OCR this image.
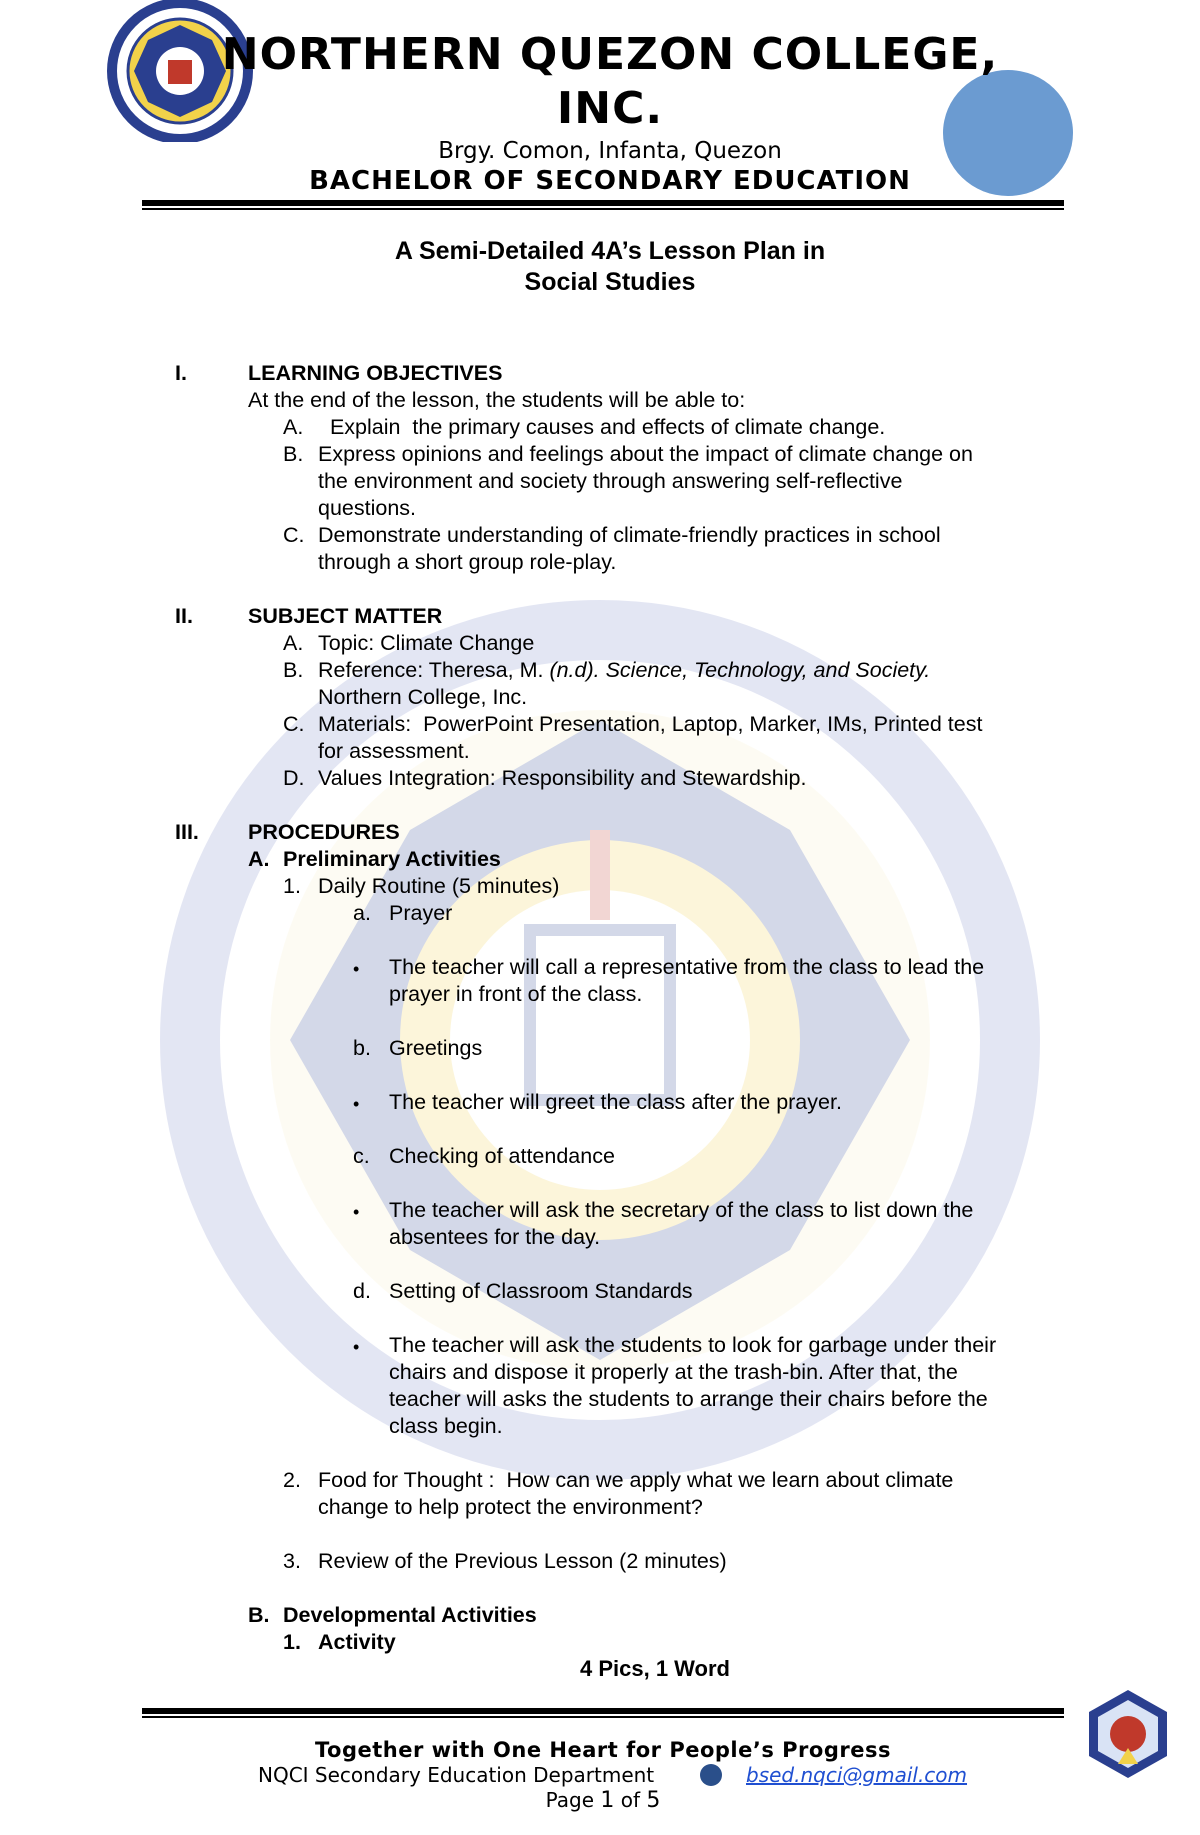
NORTHERN QUEZON COLLEGE,
INC.
Brgy. Comon, Infanta, Quezon
BACHELOR OF SECONDARY EDUCATION
A Semi-Detailed 4A’s Lesson Plan in
Social Studies
I.	LEARNING OBJECTIVES
At the end of the lesson, the students will be able to:
A. Explain  the primary causes and effects of climate change.
B. Express opinions and feelings about the impact of climate change on
the environment and society through answering self-reflective
questions.
C. Demonstrate understanding of climate-friendly practices in school
through a short group role-play.
II.	SUBJECT MATTER
A. Topic: Climate Change
B. Reference: Theresa, M. (n.d). Science, Technology, and Society.
Northern College, Inc.
C. Materials:  PowerPoint Presentation, Laptop, Marker, IMs, Printed test
for assessment.
D. Values Integration: Responsibility and Stewardship.
III. PROCEDURES
A. Preliminary Activities
1. Daily Routine (5 minutes)
a. Prayer
• The teacher will call a representative from the class to lead the
prayer in front of the class.
b. Greetings
• The teacher will greet the class after the prayer.
c. Checking of attendance
• The teacher will ask the secretary of the class to list down the
absentees for the day.
d. Setting of Classroom Standards
• The teacher will ask the students to look for garbage under their
chairs and dispose it properly at the trash-bin. After that, the
teacher will asks the students to arrange their chairs before the
class begin.
2. Food for Thought :  How can we apply what we learn about climate
change to help protect the environment?
3. Review of the Previous Lesson (2 minutes)
B. Developmental Activities
1. Activity
4 Pics, 1 Word
Together with One Heart for People’s Progress
NQCI Secondary Education Department	bsed.nqci@gmail.com
Page 1 of 5
